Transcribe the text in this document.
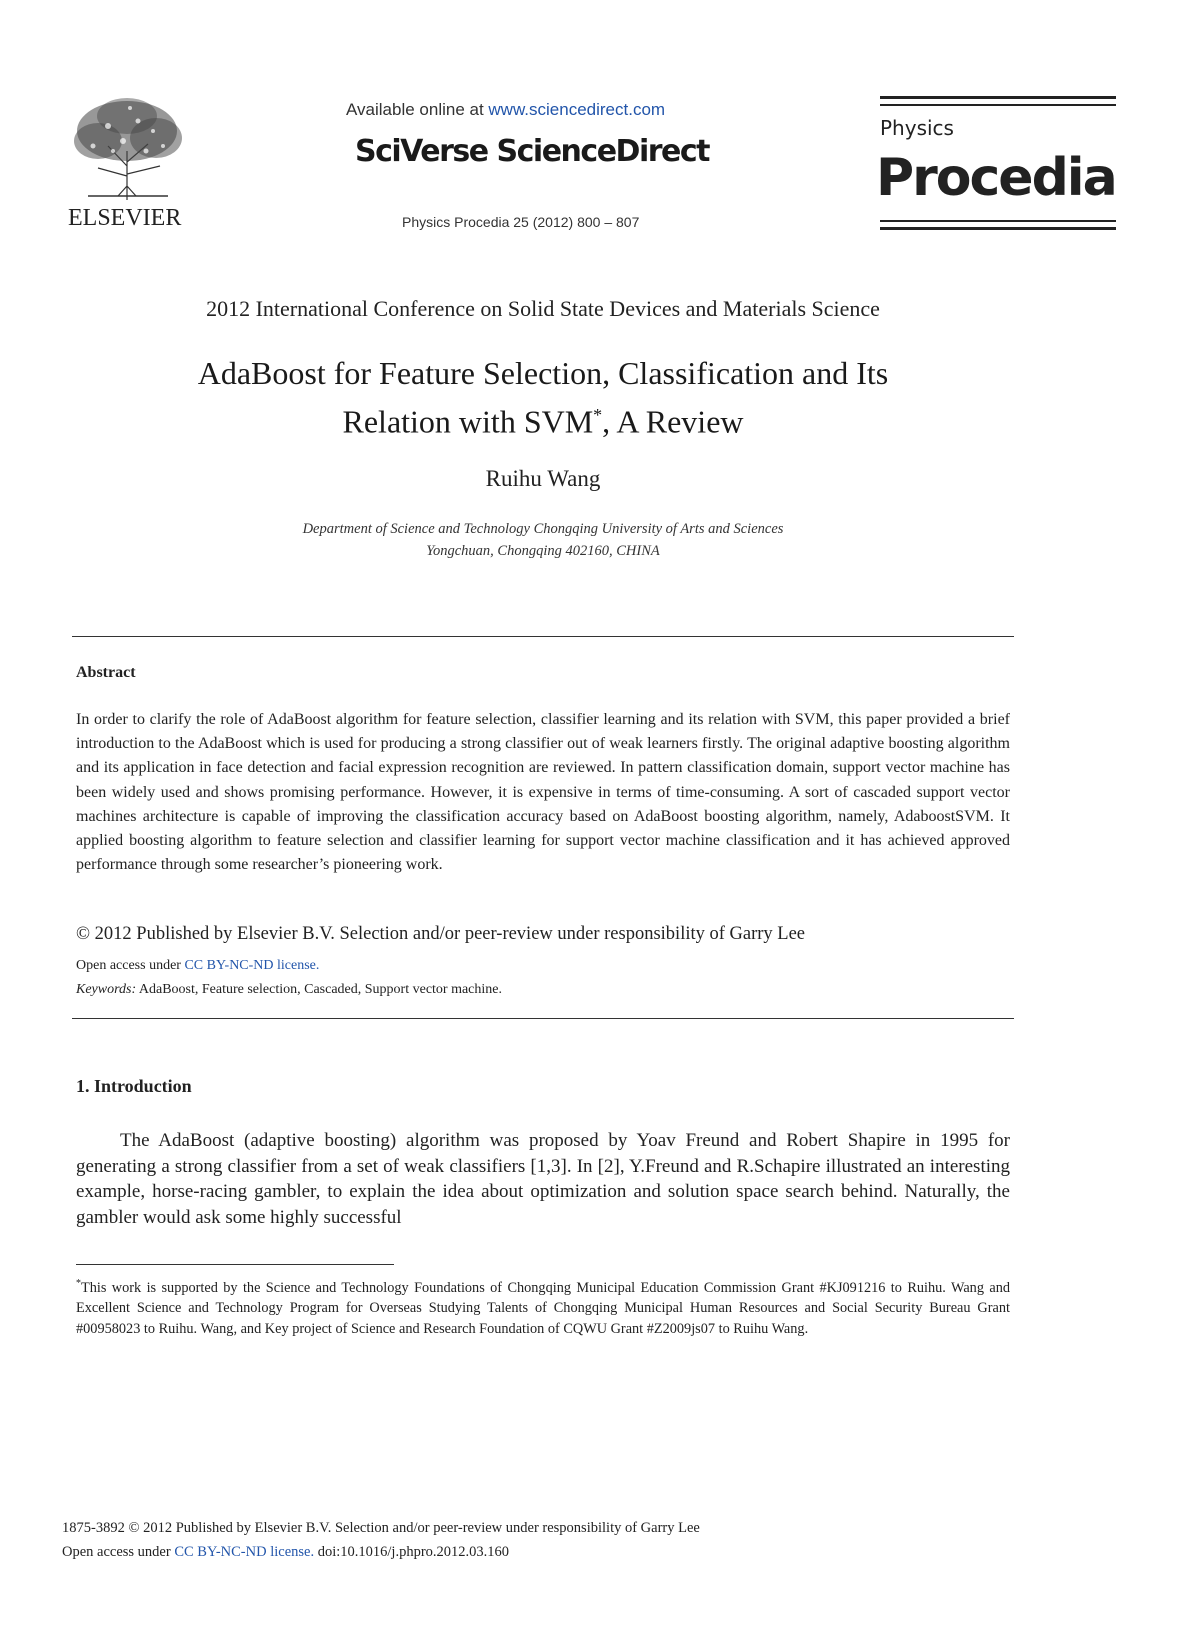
ELSEVIER
Available online at www.sciencedirect.com
SciVerse ScienceDirect
Physics Procedia 25 (2012) 800 – 807
Physics
Procedia
2012 International Conference on Solid State Devices and Materials Science
AdaBoost for Feature Selection, Classification and Its
Relation with SVM*, A Review
Ruihu Wang
Department of Science and Technology Chongqing University of Arts and Sciences
Yongchuan, Chongqing 402160, CHINA
Abstract
In order to clarify the role of AdaBoost algorithm for feature selection, classifier learning and its relation with SVM, this paper provided a brief introduction to the AdaBoost which is used for producing a strong classifier out of weak learners firstly. The original adaptive boosting algorithm and its application in face detection and facial expression recognition are reviewed. In pattern classification domain, support vector machine has been widely used and shows promising performance. However, it is expensive in terms of time-consuming. A sort of cascaded support vector machines architecture is capable of improving the classification accuracy based on AdaBoost boosting algorithm, namely, AdaboostSVM. It applied boosting algorithm to feature selection and classifier learning for support vector machine classification and it has achieved approved performance through some researcher’s pioneering work.
© 2012 Published by Elsevier B.V. Selection and/or peer-review under responsibility of Garry Lee
Open access under CC BY-NC-ND license.
Keywords: AdaBoost, Feature selection, Cascaded, Support vector machine.
1. Introduction
The AdaBoost (adaptive boosting) algorithm was proposed by Yoav Freund and Robert Shapire in 1995 for generating a strong classifier from a set of weak classifiers [1,3]. In [2], Y.Freund and R.Schapire illustrated an interesting example, horse-racing gambler, to explain the idea about optimization and solution space search behind. Naturally, the gambler would ask some highly successful
*This work is supported by the Science and Technology Foundations of Chongqing Municipal Education Commission Grant #KJ091216 to Ruihu. Wang and Excellent Science and Technology Program for Overseas Studying Talents of Chongqing Municipal Human Resources and Social Security Bureau Grant #00958023 to Ruihu. Wang, and Key project of Science and Research Foundation of CQWU Grant #Z2009js07 to Ruihu Wang.
1875-3892 © 2012 Published by Elsevier B.V. Selection and/or peer-review under responsibility of Garry Lee
Open access under CC BY-NC-ND license. doi:10.1016/j.phpro.2012.03.160
